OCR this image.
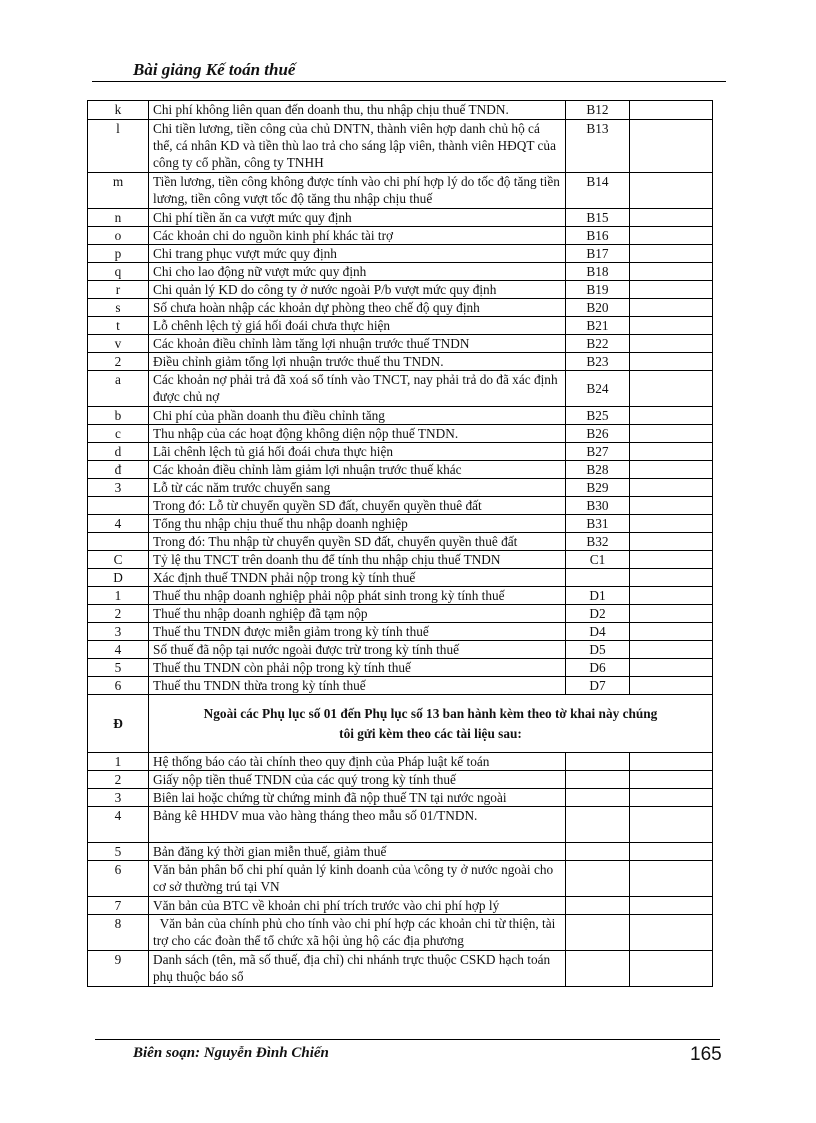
Bài giảng Kế toán thuế
k	Chi phí không liên quan đến doanh thu, thu nhập chịu thuế TNDN.	B12	
l	Chi tiền lương, tiền công của chủ DNTN, thành viên hợp danh chủ hộ cá thể, cá nhân KD và tiền thù lao trả cho sáng lập viên, thành viên HĐQT của công ty cổ phần, công ty TNHH	B13	
m	Tiền lương, tiền công không được tính vào chi phí hợp lý do tốc độ tăng tiền lương, tiền công vượt tốc độ tăng thu nhập chịu thuế	B14	
n	Chi phí tiền ăn ca vượt mức quy định	B15	
o	Các khoản chi do nguồn kinh phí khác tài trợ	B16	
p	Chi trang phục vượt mức quy định	B17	
q	Chi cho lao động nữ vượt mức quy định	B18	
r	Chi quản lý KD do công ty ở nước ngoài P/b vượt mức quy định	B19	
s	Số chưa hoàn nhập các khoản dự phòng theo chế độ quy định	B20	
t	Lỗ chênh lệch tỷ giá hối đoái chưa thực hiện	B21	
v	Các khoản điều chỉnh làm tăng lợi nhuận trước thuế TNDN	B22	
2	Điều chỉnh giảm tổng lợi nhuận trước thuế thu TNDN.	B23	
a	Các khoản nợ phải trả đã xoá sổ tính vào TNCT, nay phải trả do đã xác định được chủ nợ	B24	
b	Chi phí của phần doanh thu điều chỉnh tăng	B25	
c	Thu nhập của các hoạt động không diện nộp thuế TNDN.	B26	
d	Lãi chênh lệch tủ giá hối đoái chưa thực hiện	B27	
đ	Các khoản điều chỉnh làm giảm lợi nhuận trước thuế khác	B28	
3	Lỗ từ các năm trước chuyển sang	B29	
	Trong đó: Lỗ từ chuyển quyền SD đất, chuyển quyền thuê đất	B30	
4	Tổng thu nhập chịu thuế thu nhập doanh nghiệp	B31	
	Trong đó: Thu nhập từ chuyển quyền SD đất, chuyển quyền thuê đất	B32	
C	Tỷ lệ thu TNCT trên doanh thu để tính thu nhập chịu thuế TNDN	C1	
D	Xác định thuế TNDN phải nộp trong kỳ tính thuế		
1	Thuế thu nhập doanh nghiệp phải nộp phát sinh trong kỳ tính thuế	D1	
2	Thuế thu nhập doanh nghiệp đã tạm nộp	D2	
3	Thuế thu TNDN được miễn giảm trong kỳ tính thuế	D4	
4	Số thuế đã nộp tại nước ngoài được trừ trong kỳ tính thuế	D5	
5	Thuế thu TNDN còn phải nộp trong kỳ tính thuế	D6	
6	Thuế thu TNDN thừa trong kỳ tính thuế	D7	
Đ	Ngoài các Phụ lục số 01 đến Phụ lục số 13 ban hành kèm theo tờ khai này chúng tôi gửi kèm theo các tài liệu sau:		
1	Hệ thống báo cáo tài chính theo quy định của Pháp luật kế toán		
2	Giấy nộp tiền thuế TNDN của các quý trong kỳ tính thuế		
3	Biên lai hoặc chứng từ chứng minh đã nộp thuế TN tại nước ngoài		
4	Bảng kê HHDV mua vào hàng tháng theo mẫu số 01/TNDN.		
5	Bản đăng ký thời gian miễn thuế, giảm thuế		
6	Văn bản phân bổ chi phí quản lý kinh doanh của \công ty ở nước ngoài cho cơ sở thường trú tại VN		
7	Văn bản của BTC về khoản chi phí trích trước vào chi phí hợp lý		
8	Văn bản của chính phủ cho tính vào chi phí hợp các khoản chi từ thiện, tài trợ cho các đoàn thể tổ chức xã hội ủng hộ các địa phương		
9	Danh sách (tên, mã số thuế, địa chỉ) chi nhánh trực thuộc CSKD hạch toán phụ thuộc báo sổ		
Biên soạn: Nguyễn Đình Chiến	165
